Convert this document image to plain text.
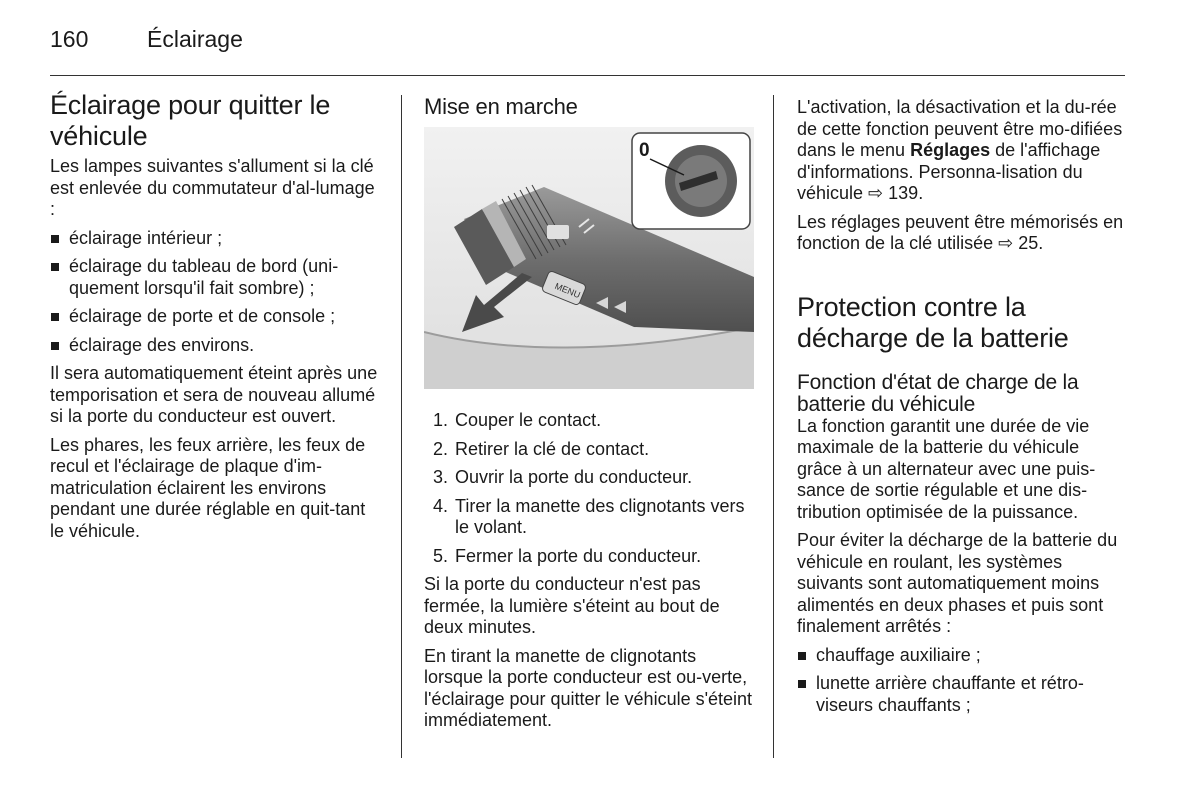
160	Éclairage
Éclairage pour quitter le véhicule

Les lampes suivantes s'allument si la clé est enlevée du commutateur d'al-lumage :

éclairage intérieur ;
éclairage du tableau de bord (uni-quement lorsqu'il fait sombre) ;
éclairage de porte et de console ;
éclairage des environs.

Il sera automatiquement éteint après une temporisation et sera de nouveau allumé si la porte du conducteur est ouvert.

Les phares, les feux arrière, les feux de recul et l'éclairage de plaque d'im-matriculation éclairent les environs pendant une durée réglable en quit-tant le véhicule.

Mise en marche
MENU
0
1. Couper le contact.
2. Retirer la clé de contact.
3. Ouvrir la porte du conducteur.
4. Tirer la manette des clignotants vers le volant.
5. Fermer la porte du conducteur.

Si la porte du conducteur n'est pas fermée, la lumière s'éteint au bout de deux minutes.

En tirant la manette de clignotants lorsque la porte conducteur est ou-verte, l'éclairage pour quitter le véhicule s'éteint immédiatement.

L'activation, la désactivation et la du-rée de cette fonction peuvent être mo-difiées dans le menu Réglages de l'affichage d'informations. Personna-lisation du véhicule ⇨ 139.

Les réglages peuvent être mémorisés en fonction de la clé utilisée ⇨ 25.

Protection contre la décharge de la batterie
Fonction d'état de charge de la batterie du véhicule

La fonction garantit une durée de vie maximale de la batterie du véhicule grâce à un alternateur avec une puis-sance de sortie régulable et une dis-tribution optimisée de la puissance.

Pour éviter la décharge de la batterie du véhicule en roulant, les systèmes suivants sont automatiquement moins alimentés en deux phases et puis sont finalement arrêtés :

chauffage auxiliaire ;
lunette arrière chauffante et rétro-viseurs chauffants ;
